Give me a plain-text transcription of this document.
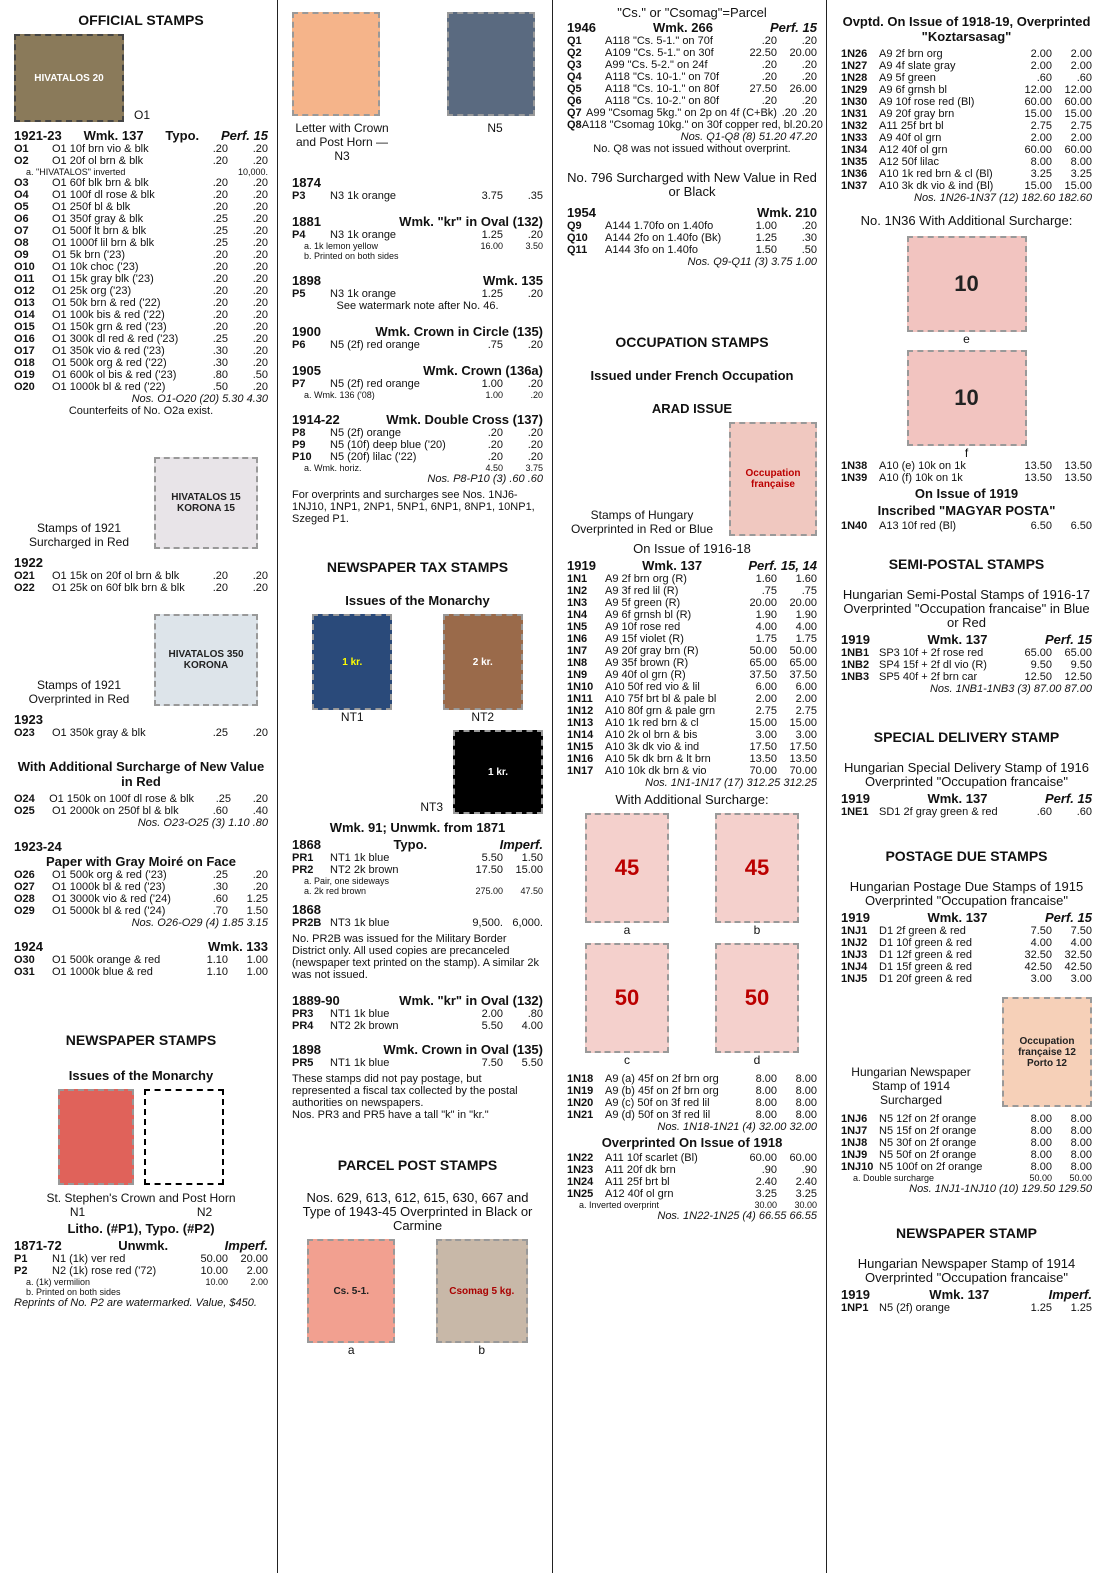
OFFICIAL STAMPS
HIVATALOS 20
O1
1921-23 Wmk. 137 Typo. Perf. 15
O1	O1 10f brn vio & blk	.20	.20
O2	O1 20f ol brn & blk	.20	.20
a. "HIVATALOS" inverted	10,000.
O3	O1 60f blk brn & blk	.20	.20
O4	O1 100f dl rose & blk	.20	.20
O5	O1 250f bl & blk	.20	.20
O6	O1 350f gray & blk	.25	.20
O7	O1 500f lt brn & blk	.25	.20
O8	O1 1000f lil brn & blk	.25	.20
O9	O1 5k brn ('23)	.20	.20
O10	O1 10k choc ('23)	.20	.20
O11	O1 15k gray blk ('23)	.20	.20
O12	O1 25k org ('23)	.20	.20
O13	O1 50k brn & red ('22)	.20	.20
O14	O1 100k bis & red ('22)	.20	.20
O15	O1 150k grn & red ('23)	.20	.20
O16	O1 300k dl red & red ('23)	.25	.20
O17	O1 350k vio & red ('23)	.30	.20
O18	O1 500k org & red ('22)	.30	.20
O19	O1 600k ol bis & red ('23)	.80	.50
O20	O1 1000k bl & red ('22)	.50	.20
Nos. O1-O20 (20) 5.30 4.30
Counterfeits of No. O2a exist.
Stamps of 1921 Surcharged in Red
HIVATALOS 15 KORONA 15
1922
O21	O1 15k on 20f ol brn & blk	.20	.20
O22	O1 25k on 60f blk brn & blk	.20	.20
Stamps of 1921 Overprinted in Red
HIVATALOS 350 KORONA
1923
O23	O1 350k gray & blk	.25	.20
With Additional Surcharge of New Value in Red
O24	O1 150k on 100f dl rose & blk	.25	.20
O25	O1 2000k on 250f bl & blk	.60	.40
Nos. O23-O25 (3) 1.10 .80
1923-24
Paper with Gray Moiré on Face
O26	O1 500k org & red ('23)	.25	.20
O27	O1 1000k bl & red ('23)	.30	.20
O28	O1 3000k vio & red ('24)	.60	1.25
O29	O1 5000k bl & red ('24)	.70	1.50
Nos. O26-O29 (4) 1.85 3.15
1924	Wmk. 133
O30	O1 500k orange & red	1.10	1.00
O31	O1 1000k blue & red	1.10	1.00
NEWSPAPER STAMPS
Issues of the Monarchy
St. Stephen's Crown and Post Horn
N1	N2
Litho. (#P1), Typo. (#P2)
1871-72	Unwmk.	Imperf.
P1	N1 (1k) ver red	50.00	20.00
P2	N2 (1k) rose red ('72)	10.00	2.00
a. (1k) vermilion	10.00	2.00
b. Printed on both sides
Reprints of No. P2 are watermarked. Value, $450.
Letter with Crown and Post Horn — N3
N5
1874
P3	N3 1k orange	3.75	.35
1881	Wmk. "kr" in Oval (132)
P4	N3 1k orange	1.25	.20
a. 1k lemon yellow	16.00	3.50
b. Printed on both sides
1898	Wmk. 135
P5	N3 1k orange	1.25	.20
See watermark note after No. 46.
1900	Wmk. Crown in Circle (135)
P6	N5 (2f) red orange	.75	.20
1905	Wmk. Crown (136a)
P7	N5 (2f) red orange	1.00	.20
a. Wmk. 136 ('08)	1.00	.20
1914-22	Wmk. Double Cross (137)
P8	N5 (2f) orange	.20	.20
P9	N5 (10f) deep blue ('20)	.20	.20
P10	N5 (20f) lilac ('22)	.20	.20
a. Wmk. horiz.	4.50	3.75
Nos. P8-P10 (3) .60 .60
For overprints and surcharges see Nos. 1NJ6-1NJ10, 1NP1, 2NP1, 5NP1, 6NP1, 8NP1, 10NP1, Szeged P1.
NEWSPAPER TAX STAMPS
Issues of the Monarchy
1 kr.
NT1
2 kr.
NT2
NT3
1 kr.
Wmk. 91; Unwmk. from 1871
1868	Typo.	Imperf.
PR1	NT1 1k blue	5.50	1.50
PR2	NT2 2k brown	17.50	15.00
a. Pair, one sideways
a. 2k red brown	275.00	47.50
1868
PR2B NT3 1k blue	9,500. 6,000.
No. PR2B was issued for the Military Border District only. All used copies are precanceled (newspaper text printed on the stamp). A similar 2k was not issued.
1889-90	Wmk. "kr" in Oval (132)
PR3	NT1 1k blue	2.00	.80
PR4	NT2 2k brown	5.50	4.00
1898	Wmk. Crown in Oval (135)
PR5	NT1 1k blue	7.50	5.50
These stamps did not pay postage, but represented a fiscal tax collected by the postal authorities on newspapers.
Nos. PR3 and PR5 have a tall "k" in "kr."
PARCEL POST STAMPS
Nos. 629, 613, 612, 615, 630, 667 and Type of 1943-45 Overprinted in Black or Carmine
Cs. 5-1.
a
Csomag 5 kg.
b
"Cs." or "Csomag"=Parcel
1946	Wmk. 266	Perf. 15
Q1	A118 "Cs. 5-1." on 70f	.20	.20
Q2	A109 "Cs. 5-1." on 30f	22.50	20.00
Q3	A99 "Cs. 5-2." on 24f	.20	.20
Q4	A118 "Cs. 10-1." on 70f	.20	.20
Q5	A118 "Cs. 10-1." on 80f	27.50	26.00
Q6	A118 "Cs. 10-2." on 80f	.20	.20
Q7 A99 "Csomag 5kg." on 2p on 4f (C+Bk) .20 .20
Q8 A118 "Csomag 10kg." on 30f copper red, bl .20 .20
Nos. Q1-Q8 (8) 51.20 47.20
No. Q8 was not issued without overprint.
No. 796 Surcharged with New Value in Red or Black
1954	Wmk. 210
Q9	A144 1.70fo on 1.40fo	1.00	.20
Q10	A144 2fo on 1.40fo (Bk)	1.25	.30
Q11	A144 3fo on 1.40fo	1.50	.50
Nos. Q9-Q11 (3) 3.75 1.00
OCCUPATION STAMPS
Issued under French Occupation
ARAD ISSUE
Stamps of Hungary Overprinted in Red or Blue
Occupation française
On Issue of 1916-18
1919	Wmk. 137	Perf. 15, 14
1N1	A9 2f brn org (R)	1.60	1.60
1N2	A9 3f red lil (R)	.75	.75
1N3	A9 5f green (R)	20.00	20.00
1N4	A9 6f grnsh bl (R)	1.90	1.90
1N5	A9 10f rose red	4.00	4.00
1N6	A9 15f violet (R)	1.75	1.75
1N7	A9 20f gray brn (R)	50.00	50.00
1N8	A9 35f brown (R)	65.00	65.00
1N9	A9 40f ol grn (R)	37.50	37.50
1N10	A10 50f red vio & lil	6.00	6.00
1N11	A10 75f brt bl & pale bl	2.00	2.00
1N12	A10 80f grn & pale grn	2.75	2.75
1N13	A10 1k red brn & cl	15.00	15.00
1N14	A10 2k ol brn & bis	3.00	3.00
1N15	A10 3k dk vio & ind	17.50	17.50
1N16	A10 5k dk brn & lt brn	13.50	13.50
1N17	A10 10k dk brn & vio	70.00	70.00
Nos. 1N1-1N17 (17) 312.25 312.25
With Additional Surcharge:
45
a
45
b
50
c
50
d
1N18	A9 (a) 45f on 2f brn org	8.00	8.00
1N19	A9 (b) 45f on 2f brn org	8.00	8.00
1N20	A9 (c) 50f on 3f red lil	8.00	8.00
1N21	A9 (d) 50f on 3f red lil	8.00	8.00
Nos. 1N18-1N21 (4) 32.00 32.00
Overprinted On Issue of 1918
1N22	A11 10f scarlet (Bl)	60.00	60.00
1N23	A11 20f dk brn	.90	.90
1N24	A11 25f brt bl	2.40	2.40
1N25	A12 40f ol grn	3.25	3.25
a. Inverted overprint	30.00	30.00
Nos. 1N22-1N25 (4) 66.55 66.55
Ovptd. On Issue of 1918-19, Overprinted "Koztarsasag"
1N26	A9 2f brn org	2.00	2.00
1N27	A9 4f slate gray	2.00	2.00
1N28	A9 5f green	.60	.60
1N29	A9 6f grnsh bl	12.00	12.00
1N30	A9 10f rose red (Bl)	60.00	60.00
1N31	A9 20f gray brn	15.00	15.00
1N32	A11 25f brt bl	2.75	2.75
1N33	A9 40f ol grn	2.00	2.00
1N34	A12 40f ol grn	60.00	60.00
1N35	A12 50f lilac	8.00	8.00
1N36	A10 1k red brn & cl (Bl)	3.25	3.25
1N37	A10 3k dk vio & ind (Bl)	15.00	15.00
Nos. 1N26-1N37 (12) 182.60 182.60
No. 1N36 With Additional Surcharge:
10
e
10
f
1N38	A10 (e) 10k on 1k	13.50	13.50
1N39	A10 (f) 10k on 1k	13.50	13.50
On Issue of 1919
Inscribed "MAGYAR POSTA"
1N40	A13 10f red (Bl)	6.50	6.50
SEMI-POSTAL STAMPS
Hungarian Semi-Postal Stamps of 1916-17 Overprinted "Occupation francaise" in Blue or Red
1919	Wmk. 137	Perf. 15
1NB1 SP3 10f + 2f rose red	65.00	65.00
1NB2 SP4 15f + 2f dl vio (R)	9.50	9.50
1NB3 SP5 40f + 2f brn car	12.50	12.50
Nos. 1NB1-1NB3 (3) 87.00 87.00
SPECIAL DELIVERY STAMP
Hungarian Special Delivery Stamp of 1916 Overprinted "Occupation francaise"
1919	Wmk. 137	Perf. 15
1NE1 SD1 2f gray green & red	.60	.60
POSTAGE DUE STAMPS
Hungarian Postage Due Stamps of 1915 Overprinted "Occupation francaise"
1919	Wmk. 137	Perf. 15
1NJ1	D1 2f green & red	7.50	7.50
1NJ2	D1 10f green & red	4.00	4.00
1NJ3	D1 12f green & red	32.50	32.50
1NJ4	D1 15f green & red	42.50	42.50
1NJ5	D1 20f green & red	3.00	3.00
Hungarian Newspaper Stamp of 1914 Surcharged
Occupation française 12 Porto 12
1NJ6	N5 12f on 2f orange	8.00	8.00
1NJ7	N5 15f on 2f orange	8.00	8.00
1NJ8	N5 30f on 2f orange	8.00	8.00
1NJ9	N5 50f on 2f orange	8.00	8.00
1NJ10 N5 100f on 2f orange	8.00	8.00
a. Double surcharge	50.00	50.00
Nos. 1NJ1-1NJ10 (10) 129.50 129.50
NEWSPAPER STAMP
Hungarian Newspaper Stamp of 1914 Overprinted "Occupation francaise"
1919	Wmk. 137	Imperf.
1NP1 N5 (2f) orange	1.25	1.25
